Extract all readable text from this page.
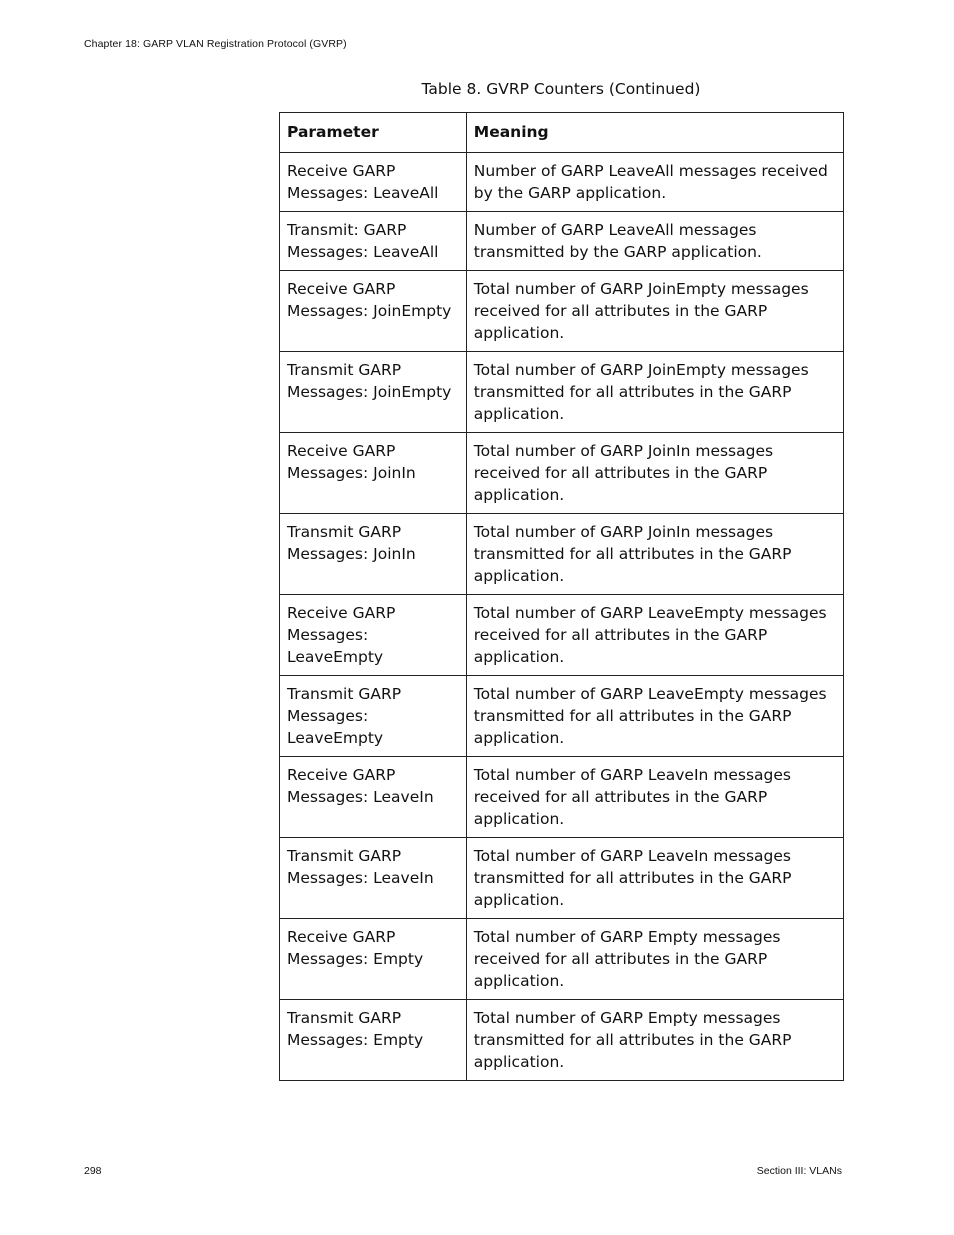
Chapter 18: GARP VLAN Registration Protocol (GVRP)
Table 8. GVRP Counters (Continued)
Parameter	Meaning
Receive GARP Messages: LeaveAll	Number of GARP LeaveAll messages received by the GARP application.
Transmit: GARP Messages: LeaveAll	Number of GARP LeaveAll messages transmitted by the GARP application.
Receive GARP Messages: JoinEmpty	Total number of GARP JoinEmpty messages received for all attributes in the GARP application.
Transmit GARP Messages: JoinEmpty	Total number of GARP JoinEmpty messages transmitted for all attributes in the GARP application.
Receive GARP Messages: JoinIn	Total number of GARP JoinIn messages received for all attributes in the GARP application.
Transmit GARP Messages: JoinIn	Total number of GARP JoinIn messages transmitted for all attributes in the GARP application.
Receive GARP Messages: LeaveEmpty	Total number of GARP LeaveEmpty messages received for all attributes in the GARP application.
Transmit GARP Messages: LeaveEmpty	Total number of GARP LeaveEmpty messages transmitted for all attributes in the GARP application.
Receive GARP Messages: LeaveIn	Total number of GARP LeaveIn messages received for all attributes in the GARP application.
Transmit GARP Messages: LeaveIn	Total number of GARP LeaveIn messages transmitted for all attributes in the GARP application.
Receive GARP Messages: Empty	Total number of GARP Empty messages received for all attributes in the GARP application.
Transmit GARP Messages: Empty	Total number of GARP Empty messages transmitted for all attributes in the GARP application.
298	Section III: VLANs
